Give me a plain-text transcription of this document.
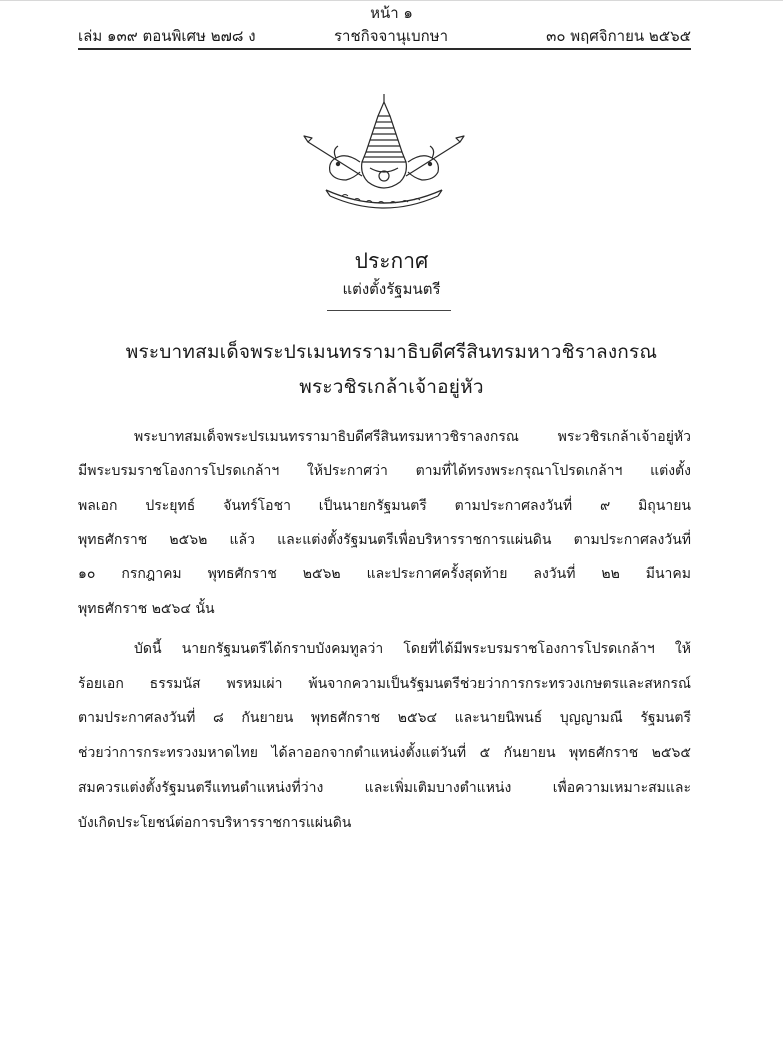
หน้า ๑
เล่ม ๑๓๙ ตอนพิเศษ ๒๗๘ ง	ราชกิจจานุเบกษา	๓๐ พฤศจิกายน ๒๕๖๕
ประกาศ
แต่งตั้งรัฐมนตรี
พระบาทสมเด็จพระปรเมนทรรามาธิบดีศรีสินทรมหาวชิราลงกรณ
พระวชิรเกล้าเจ้าอยู่หัว
พระบาทสมเด็จพระปรเมนทรรามาธิบดีศรีสินทรมหาวชิราลงกรณ พระวชิรเกล้าเจ้าอยู่หัว
มีพระบรมราชโองการโปรดเกล้าฯ ให้ประกาศว่า ตามที่ได้ทรงพระกรุณาโปรดเกล้าฯ แต่งตั้ง
พลเอก ประยุทธ์ จันทร์โอชา เป็นนายกรัฐมนตรี ตามประกาศลงวันที่ ๙ มิถุนายน
พุทธศักราช ๒๕๖๒ แล้ว และแต่งตั้งรัฐมนตรีเพื่อบริหารราชการแผ่นดิน ตามประกาศลงวันที่
๑๐ กรกฎาคม พุทธศักราช ๒๕๖๒ และประกาศครั้งสุดท้าย ลงวันที่ ๒๒ มีนาคม
พุทธศักราช ๒๕๖๔ นั้น
บัดนี้ นายกรัฐมนตรีได้กราบบังคมทูลว่า โดยที่ได้มีพระบรมราชโองการโปรดเกล้าฯ ให้
ร้อยเอก ธรรมนัส พรหมเผ่า พ้นจากความเป็นรัฐมนตรีช่วยว่าการกระทรวงเกษตรและสหกรณ์
ตามประกาศลงวันที่ ๘ กันยายน พุทธศักราช ๒๕๖๔ และนายนิพนธ์ บุญญามณี รัฐมนตรี
ช่วยว่าการกระทรวงมหาดไทย ได้ลาออกจากตำแหน่งตั้งแต่วันที่ ๕ กันยายน พุทธศักราช ๒๕๖๕
สมควรแต่งตั้งรัฐมนตรีแทนตำแหน่งที่ว่าง และเพิ่มเติมบางตำแหน่ง เพื่อความเหมาะสมและ
บังเกิดประโยชน์ต่อการบริหารราชการแผ่นดิน
